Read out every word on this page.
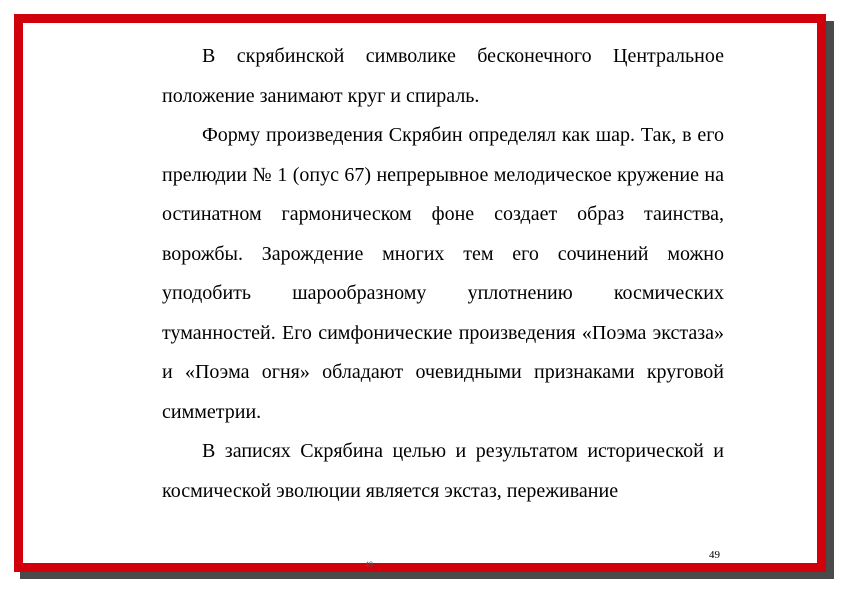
В скрябинской символике бесконечного Центральное положение занимают круг и спираль.

Форму произведения Скрябин определял как шар. Так, в его прелюдии № 1 (опус 67) непрерывное мелодическое кружение на остинатном гармоническом фоне создает образ таинства, ворожбы. Зарождение многих тем его сочинений можно уподобить шарообразному уплотнению космических туманностей. Его симфонические произведения «Поэма экстаза» и «Поэма огня» обладают очевидными признаками круговой симметрии.

В записях Скрябина целью и результатом исторической и космической эволюции является экстаз, переживание

49
49
